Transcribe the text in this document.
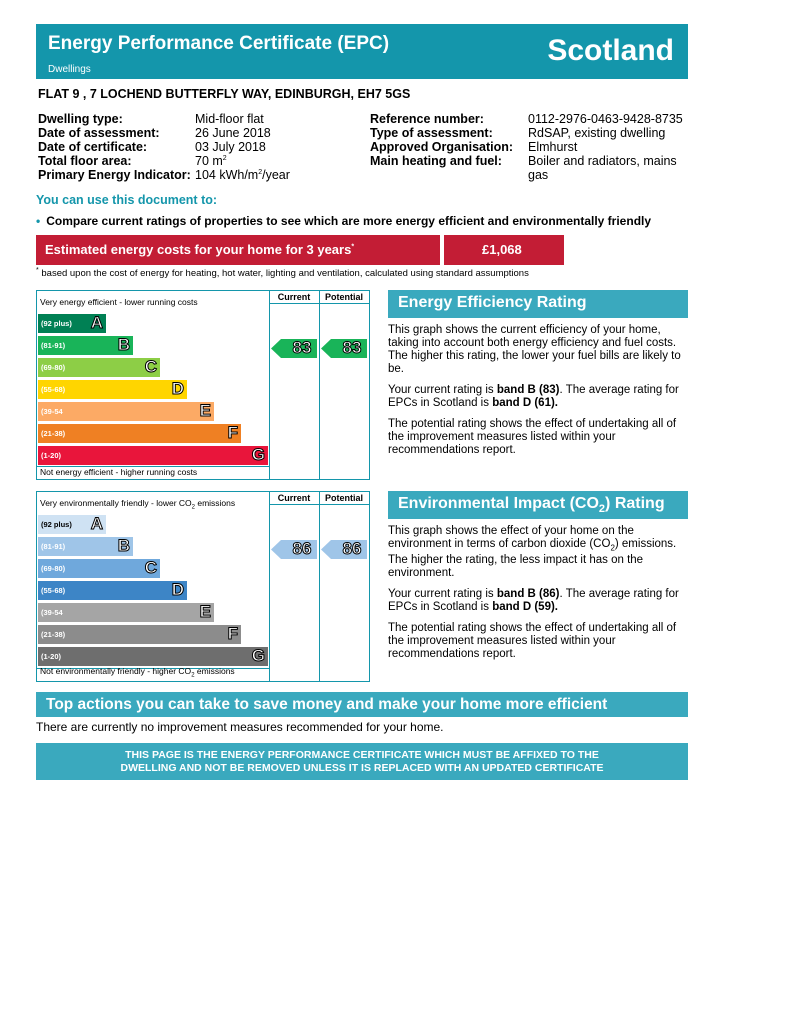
Energy Performance Certificate (EPC)
Dwellings
Scotland
FLAT 9 , 7 LOCHEND BUTTERFLY WAY, EDINBURGH, EH7 5GS
Dwelling type:	Mid-floor flat
Date of assessment:	26 June 2018
Date of certificate:	03 July 2018
Total floor area:	70 $m^2$
Primary Energy Indicator: 104 kWh/$m^2$/year
Reference number:	0112-2976-0463-9428-8735
Type of assessment:	RdSAP, existing dwelling
Approved Organisation:	Elmhurst
Main heating and fuel:	Boiler and radiators, mains gas
You can use this document to:
• Compare current ratings of properties to see which are more energy efficient and environmentally friendly
Estimated energy costs for your home for 3 years*	£1,068
* based upon the cost of energy for heating, hot water, lighting and ventilation, calculated using standard assumptions
Current	Potential
Very energy efficient - lower running costs
Not energy efficient - higher running costs
(92 plus) A
(81-91)	B
(69-80)	C
(55-68)	D
(39-54	E
(21-38)	F
(1-20)	G
83	83
Current	Potential
Very environmentally friendly - lower $CO_2$ emissions
Not environmentally friendly - higher $CO_2$ emissions
(92 plus) A
(81-91)	B
(69-80)	C
(55-68)	D
(39-54	E
(21-38)	F
(1-20)	G
86	86
Energy Efficiency Rating

This graph shows the current efficiency of your home, taking into account both energy efficiency and fuel costs. The higher this rating, the lower your fuel bills are likely to be.

Your current rating is band B (83). The average rating for EPCs in Scotland is band D (61).

The potential rating shows the effect of undertaking all of the improvement measures listed within your recommendations report.

Environmental Impact $(CO_2)$ Rating

This graph shows the effect of your home on the environment in terms of carbon dioxide $(CO_2)$ emissions. The higher the rating, the less impact it has on the environment.

Your current rating is band B (86). The average rating for EPCs in Scotland is band D (59).

The potential rating shows the effect of undertaking all of the improvement measures listed within your recommendations report.

Top actions you can take to save money and make your home more efficient
There are currently no improvement measures recommended for your home.
THIS PAGE IS THE ENERGY PERFORMANCE CERTIFICATE WHICH MUST BE AFFIXED TO THE
DWELLING AND NOT BE REMOVED UNLESS IT IS REPLACED WITH AN UPDATED CERTIFICATE
